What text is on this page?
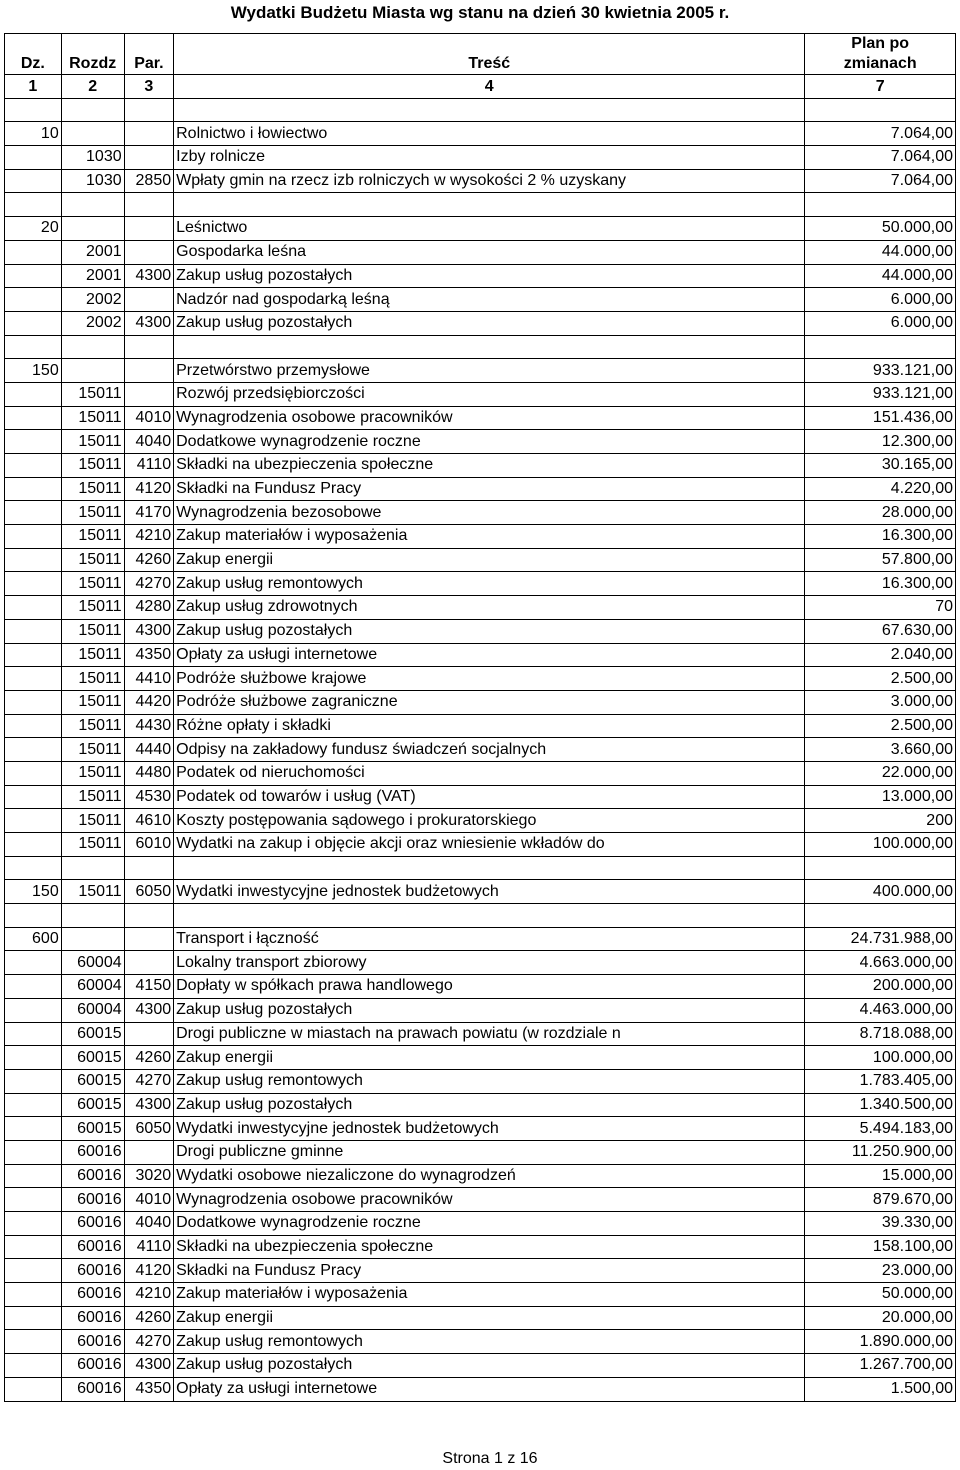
Wydatki Budżetu Miasta wg stanu na dzień 30 kwietnia 2005 r.
Dz.	Rozdz	Par.	Treść	Plan po
zmianach

1	2	3	4	7

10			Rolnictwo i łowiectwo	7.064,00
	1030		Izby rolnicze	7.064,00
	1030	2850	Wpłaty gmin na rzecz izb rolniczych w wysokości 2 % uzyskany	7.064,00

20			Leśnictwo	50.000,00
	2001		Gospodarka leśna	44.000,00
	2001	4300	Zakup usług pozostałych	44.000,00
	2002		Nadzór nad gospodarką leśną	6.000,00
	2002	4300	Zakup usług pozostałych	6.000,00

150			Przetwórstwo przemysłowe	933.121,00
	15011		Rozwój przedsiębiorczości	933.121,00
	15011	4010	Wynagrodzenia osobowe pracowników	151.436,00
	15011	4040	Dodatkowe wynagrodzenie roczne	12.300,00
	15011	4110	Składki na ubezpieczenia społeczne	30.165,00
	15011	4120	Składki na Fundusz Pracy	4.220,00
	15011	4170	Wynagrodzenia bezosobowe	28.000,00
	15011	4210	Zakup materiałów i wyposażenia	16.300,00
	15011	4260	Zakup energii	57.800,00
	15011	4270	Zakup usług remontowych	16.300,00
	15011	4280	Zakup usług zdrowotnych	70
	15011	4300	Zakup usług pozostałych	67.630,00
	15011	4350	Opłaty za usługi internetowe	2.040,00
	15011	4410	Podróże służbowe krajowe	2.500,00
	15011	4420	Podróże służbowe zagraniczne	3.000,00
	15011	4430	Różne opłaty i składki	2.500,00
	15011	4440	Odpisy na zakładowy fundusz świadczeń socjalnych	3.660,00
	15011	4480	Podatek od nieruchomości	22.000,00
	15011	4530	Podatek od towarów i usług (VAT)	13.000,00
	15011	4610	Koszty postępowania sądowego i prokuratorskiego	200
	15011	6010	Wydatki na zakup i objęcie akcji oraz wniesienie wkładów do	100.000,00

150	15011	6050	Wydatki inwestycyjne jednostek budżetowych	400.000,00

600			Transport i łączność	24.731.988,00
	60004		Lokalny transport zbiorowy	4.663.000,00
	60004	4150	Dopłaty w spółkach prawa handlowego	200.000,00
	60004	4300	Zakup usług pozostałych	4.463.000,00
	60015		Drogi publiczne w miastach na prawach powiatu (w rozdziale n	8.718.088,00
	60015	4260	Zakup energii	100.000,00
	60015	4270	Zakup usług remontowych	1.783.405,00
	60015	4300	Zakup usług pozostałych	1.340.500,00
	60015	6050	Wydatki inwestycyjne jednostek budżetowych	5.494.183,00
	60016		Drogi publiczne gminne	11.250.900,00
	60016	3020	Wydatki osobowe niezaliczone do wynagrodzeń	15.000,00
	60016	4010	Wynagrodzenia osobowe pracowników	879.670,00
	60016	4040	Dodatkowe wynagrodzenie roczne	39.330,00
	60016	4110	Składki na ubezpieczenia społeczne	158.100,00
	60016	4120	Składki na Fundusz Pracy	23.000,00
	60016	4210	Zakup materiałów i wyposażenia	50.000,00
	60016	4260	Zakup energii	20.000,00
	60016	4270	Zakup usług remontowych	1.890.000,00
	60016	4300	Zakup usług pozostałych	1.267.700,00
	60016	4350	Opłaty za usługi internetowe	1.500,00
Strona 1 z 16
